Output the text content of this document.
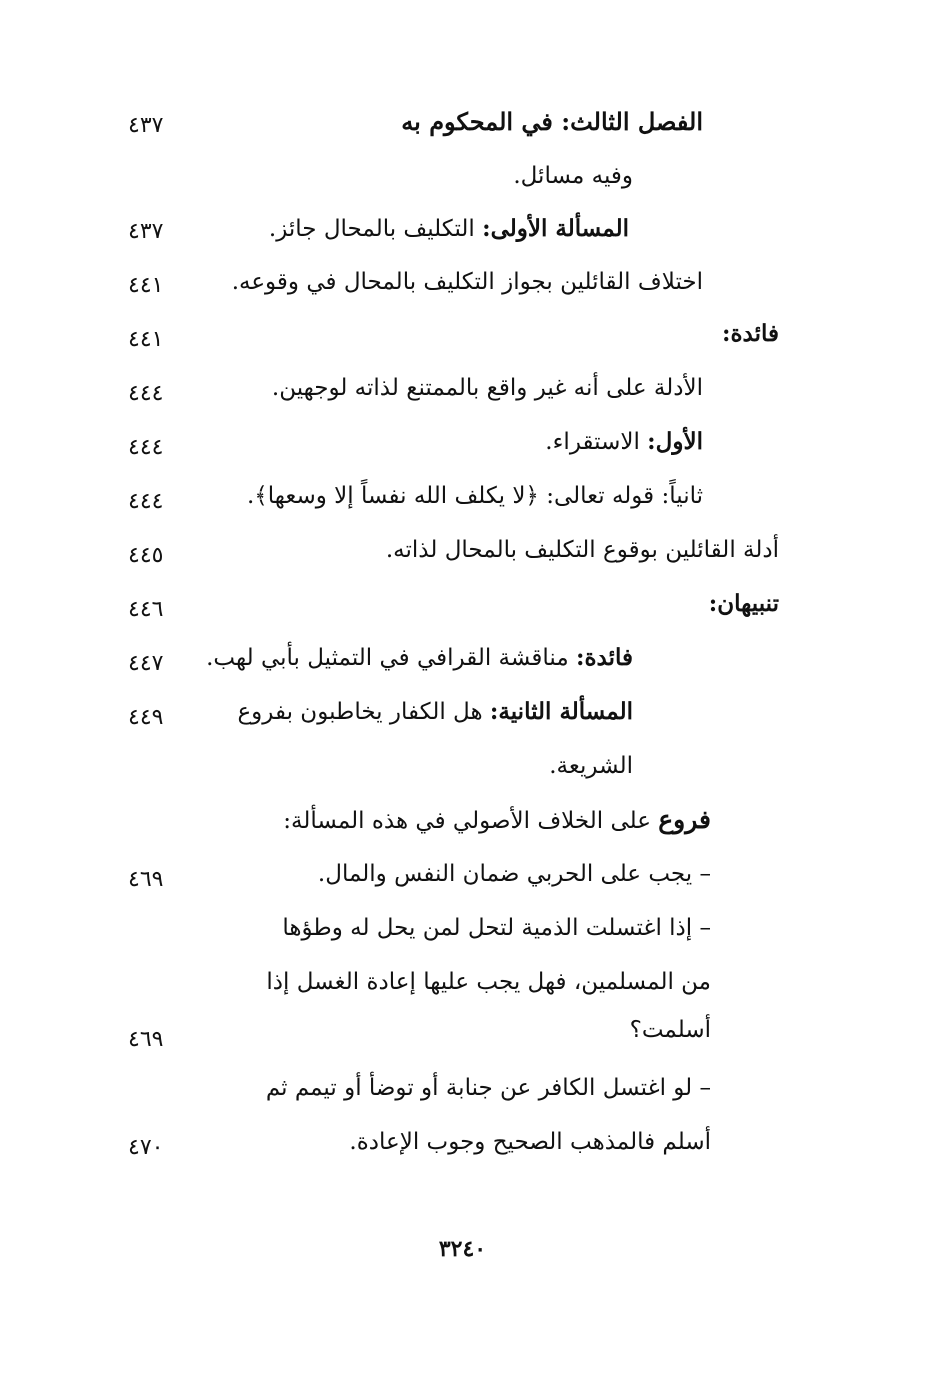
الفصل الثالث: في المحكوم به
٤٣٧
وفيه مسائل.
المسألة الأولى: التكليف بالمحال جائز.
٤٣٧
اختلاف القائلين بجواز التكليف بالمحال في وقوعه.
٤٤١
فائدة:
٤٤١
الأدلة على أنه غير واقع بالممتنع لذاته لوجهين.
٤٤٤
الأول: الاستقراء.
٤٤٤
ثانياً: قوله تعالى: ﴿لا يكلف الله نفساً إلا وسعها﴾.
٤٤٤
أدلة القائلين بوقوع التكليف بالمحال لذاته.
٤٤٥
تنبيهان:
٤٤٦
فائدة: مناقشة القرافي في التمثيل بأبي لهب.
٤٤٧
المسألة الثانية: هل الكفار يخاطبون بفروع
٤٤٩
الشريعة.
فروع على الخلاف الأصولي في هذه المسألة:
– يجب على الحربي ضمان النفس والمال.
٤٦٩
– إذا اغتسلت الذمية لتحل لمن يحل له وطؤها
من المسلمين، فهل يجب عليها إعادة الغسل إذا
أسلمت؟
٤٦٩
– لو اغتسل الكافر عن جنابة أو توضأ أو تيمم ثم
أسلم فالمذهب الصحيح وجوب الإعادة.
٤٧٠
٣٢٤٠
